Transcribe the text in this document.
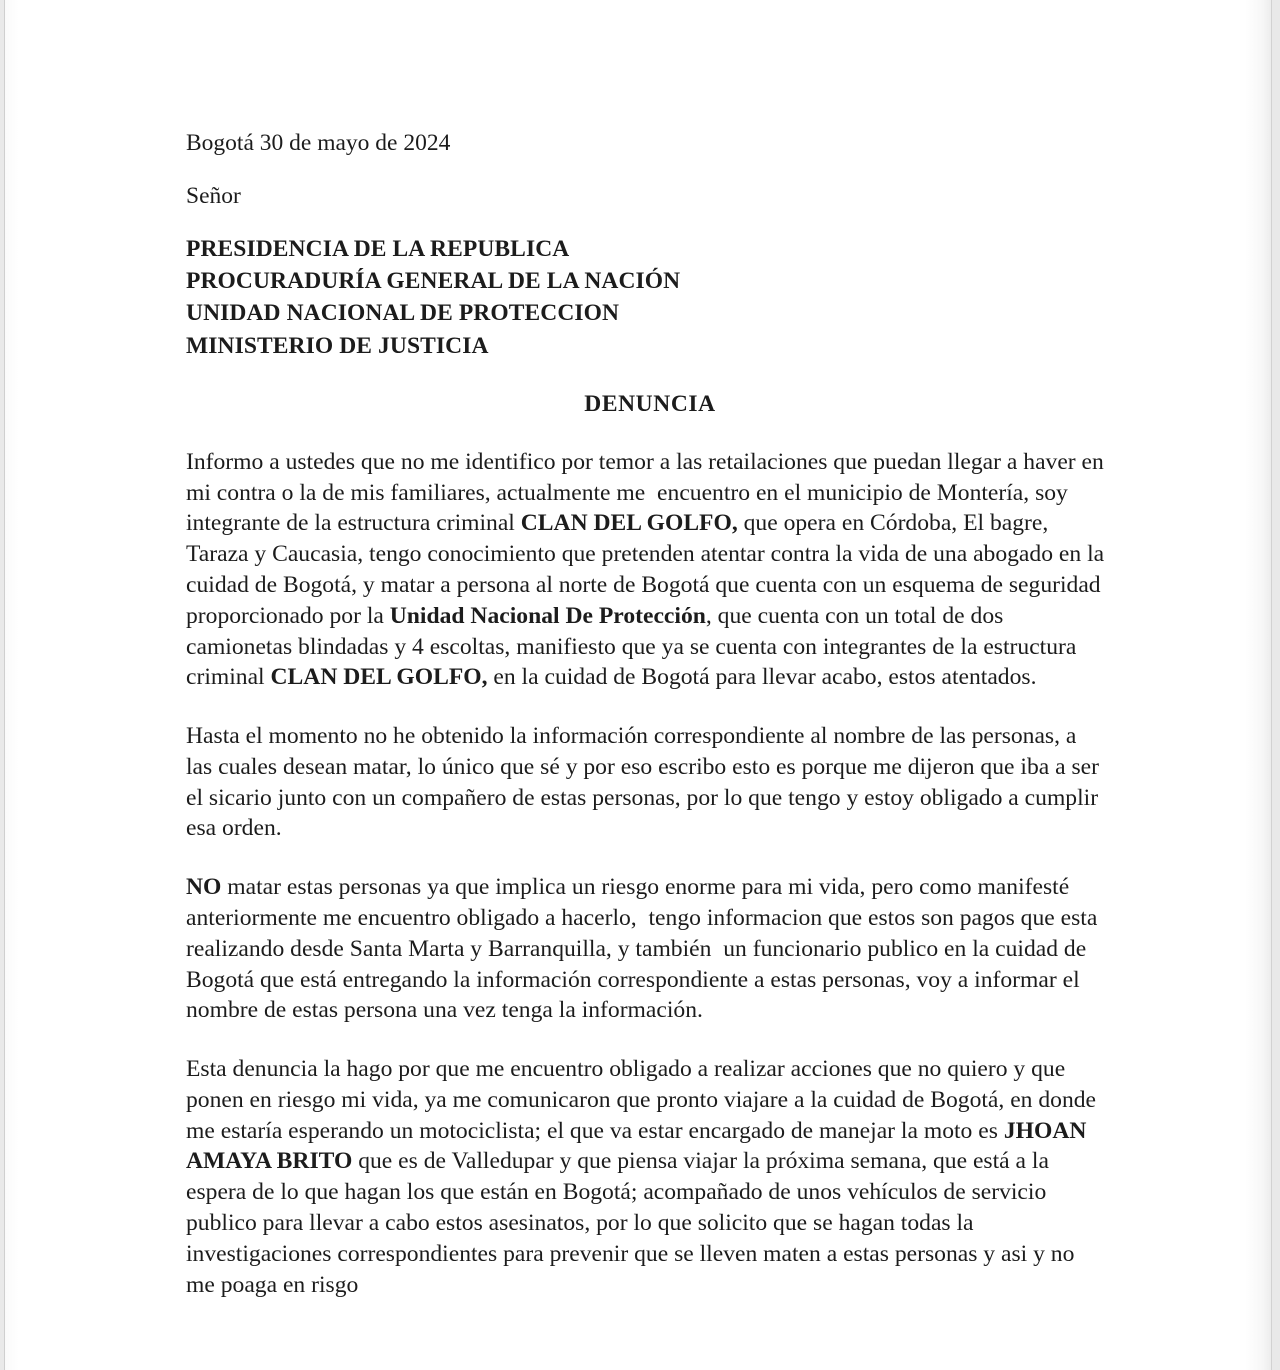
Bogotá 30 de mayo de 2024

Señor

PRESIDENCIA DE LA REPUBLICA
PROCURADURÍA GENERAL DE LA NACIÓN
UNIDAD NACIONAL DE PROTECCION
MINISTERIO DE JUSTICIA

DENUNCIA

Informo a ustedes que no me identifico por temor a las retailaciones que puedan llegar a haver en mi contra o la de mis familiares, actualmente me  encuentro en el municipio de Montería, soy integrante de la estructura criminal CLAN DEL GOLFO, que opera en Córdoba, El bagre, Taraza y Caucasia, tengo conocimiento que pretenden atentar contra la vida de una abogado en la cuidad de Bogotá, y matar a persona al norte de Bogotá que cuenta con un esquema de seguridad proporcionado por la Unidad Nacional De Protección, que cuenta con un total de dos camionetas blindadas y 4 escoltas, manifiesto que ya se cuenta con integrantes de la estructura criminal CLAN DEL GOLFO, en la cuidad de Bogotá para llevar acabo, estos atentados.

Hasta el momento no he obtenido la información correspondiente al nombre de las personas, a las cuales desean matar, lo único que sé y por eso escribo esto es porque me dijeron que iba a ser el sicario junto con un compañero de estas personas, por lo que tengo y estoy obligado a cumplir esa orden.

NO matar estas personas ya que implica un riesgo enorme para mi vida, pero como manifesté anteriormente me encuentro obligado a hacerlo,  tengo informacion que estos son pagos que esta realizando desde Santa Marta y Barranquilla, y también  un funcionario publico en la cuidad de Bogotá que está entregando la información correspondiente a estas personas, voy a informar el nombre de estas persona una vez tenga la información.

Esta denuncia la hago por que me encuentro obligado a realizar acciones que no quiero y que ponen en riesgo mi vida, ya me comunicaron que pronto viajare a la cuidad de Bogotá, en donde me estaría esperando un motociclista; el que va estar encargado de manejar la moto es JHOAN AMAYA BRITO que es de Valledupar y que piensa viajar la próxima semana, que está a la espera de lo que hagan los que están en Bogotá; acompañado de unos vehículos de servicio publico para llevar a cabo estos asesinatos, por lo que solicito que se hagan todas la investigaciones correspondientes para prevenir que se lleven maten a estas personas y asi y no me poaga en risgo
